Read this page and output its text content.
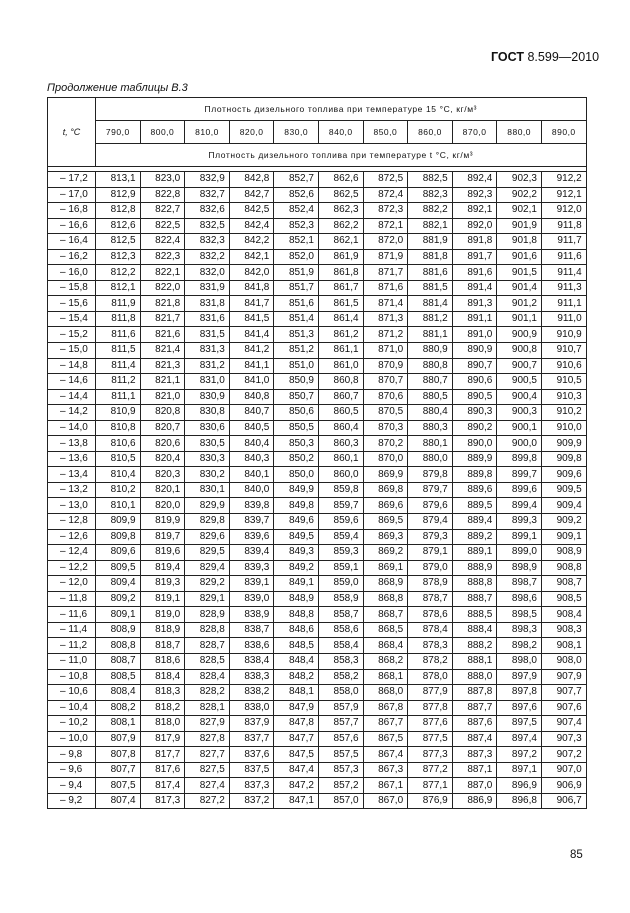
ГОСТ 8.599—2010
Продолжение таблицы В.3
t, °C	Плотность дизельного топлива при температуре 15 °С, кг/м³										
	790,0	800,0	810,0	820,0	830,0	840,0	850,0	860,0	870,0	880,0	890,0
	Плотность дизельного топлива при температуре t °С, кг/м³										

– 17,2	813,1	823,0	832,9	842,8	852,7	862,6	872,5	882,5	892,4	902,3	912,2
– 17,0	812,9	822,8	832,7	842,7	852,6	862,5	872,4	882,3	892,3	902,2	912,1
– 16,8	812,8	822,7	832,6	842,5	852,4	862,3	872,3	882,2	892,1	902,1	912,0
– 16,6	812,6	822,5	832,5	842,4	852,3	862,2	872,1	882,1	892,0	901,9	911,8
– 16,4	812,5	822,4	832,3	842,2	852,1	862,1	872,0	881,9	891,8	901,8	911,7
– 16,2	812,3	822,3	832,2	842,1	852,0	861,9	871,9	881,8	891,7	901,6	911,6
– 16,0	812,2	822,1	832,0	842,0	851,9	861,8	871,7	881,6	891,6	901,5	911,4
– 15,8	812,1	822,0	831,9	841,8	851,7	861,7	871,6	881,5	891,4	901,4	911,3
– 15,6	811,9	821,8	831,8	841,7	851,6	861,5	871,4	881,4	891,3	901,2	911,1
– 15,4	811,8	821,7	831,6	841,5	851,4	861,4	871,3	881,2	891,1	901,1	911,0
– 15,2	811,6	821,6	831,5	841,4	851,3	861,2	871,2	881,1	891,0	900,9	910,9
– 15,0	811,5	821,4	831,3	841,2	851,2	861,1	871,0	880,9	890,9	900,8	910,7
– 14,8	811,4	821,3	831,2	841,1	851,0	861,0	870,9	880,8	890,7	900,7	910,6
– 14,6	811,2	821,1	831,0	841,0	850,9	860,8	870,7	880,7	890,6	900,5	910,5
– 14,4	811,1	821,0	830,9	840,8	850,7	860,7	870,6	880,5	890,5	900,4	910,3
– 14,2	810,9	820,8	830,8	840,7	850,6	860,5	870,5	880,4	890,3	900,3	910,2
– 14,0	810,8	820,7	830,6	840,5	850,5	860,4	870,3	880,3	890,2	900,1	910,0
– 13,8	810,6	820,6	830,5	840,4	850,3	860,3	870,2	880,1	890,0	900,0	909,9
– 13,6	810,5	820,4	830,3	840,3	850,2	860,1	870,0	880,0	889,9	899,8	909,8
– 13,4	810,4	820,3	830,2	840,1	850,0	860,0	869,9	879,8	889,8	899,7	909,6
– 13,2	810,2	820,1	830,1	840,0	849,9	859,8	869,8	879,7	889,6	899,6	909,5
– 13,0	810,1	820,0	829,9	839,8	849,8	859,7	869,6	879,6	889,5	899,4	909,4
– 12,8	809,9	819,9	829,8	839,7	849,6	859,6	869,5	879,4	889,4	899,3	909,2
– 12,6	809,8	819,7	829,6	839,6	849,5	859,4	869,3	879,3	889,2	899,1	909,1
– 12,4	809,6	819,6	829,5	839,4	849,3	859,3	869,2	879,1	889,1	899,0	908,9
– 12,2	809,5	819,4	829,4	839,3	849,2	859,1	869,1	879,0	888,9	898,9	908,8
– 12,0	809,4	819,3	829,2	839,1	849,1	859,0	868,9	878,9	888,8	898,7	908,7
– 11,8	809,2	819,1	829,1	839,0	848,9	858,9	868,8	878,7	888,7	898,6	908,5
– 11,6	809,1	819,0	828,9	838,9	848,8	858,7	868,7	878,6	888,5	898,5	908,4
– 11,4	808,9	818,9	828,8	838,7	848,6	858,6	868,5	878,4	888,4	898,3	908,3
– 11,2	808,8	818,7	828,7	838,6	848,5	858,4	868,4	878,3	888,2	898,2	908,1
– 11,0	808,7	818,6	828,5	838,4	848,4	858,3	868,2	878,2	888,1	898,0	908,0
– 10,8	808,5	818,4	828,4	838,3	848,2	858,2	868,1	878,0	888,0	897,9	907,9
– 10,6	808,4	818,3	828,2	838,2	848,1	858,0	868,0	877,9	887,8	897,8	907,7
– 10,4	808,2	818,2	828,1	838,0	847,9	857,9	867,8	877,8	887,7	897,6	907,6
– 10,2	808,1	818,0	827,9	837,9	847,8	857,7	867,7	877,6	887,6	897,5	907,4
– 10,0	807,9	817,9	827,8	837,7	847,7	857,6	867,5	877,5	887,4	897,4	907,3
– 9,8	807,8	817,7	827,7	837,6	847,5	857,5	867,4	877,3	887,3	897,2	907,2
– 9,6	807,7	817,6	827,5	837,5	847,4	857,3	867,3	877,2	887,1	897,1	907,0
– 9,4	807,5	817,4	827,4	837,3	847,2	857,2	867,1	877,1	887,0	896,9	906,9
– 9,2	807,4	817,3	827,2	837,2	847,1	857,0	867,0	876,9	886,9	896,8	906,7
85
